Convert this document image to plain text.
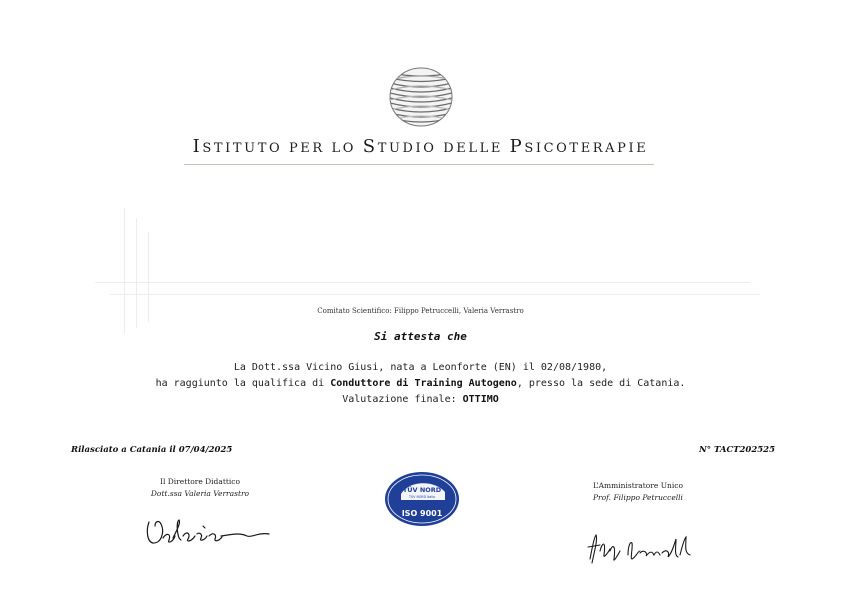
ISTITUTO PER LO STUDIO DELLE PSICOTERAPIE
Comitato Scientifico: Filippo Petruccelli, Valeria Verrastro
Si attesta che
La Dott.ssa Vicino Giusi, nata a Leonforte (EN) il 02/08/1980,
ha raggiunto la qualifica di Conduttore di Training Autogeno, presso la sede di Catania.
Valutazione finale: OTTIMO
Rilasciato a Catania il 07/04/2025	N° TACT202525
Il Direttore Didattico
Dott.ssa Valeria Verrastro
L’Amministratore Unico
Prof. Filippo Petruccelli
TÜV NORD
TÜV NORD Italia
ISO 9001
